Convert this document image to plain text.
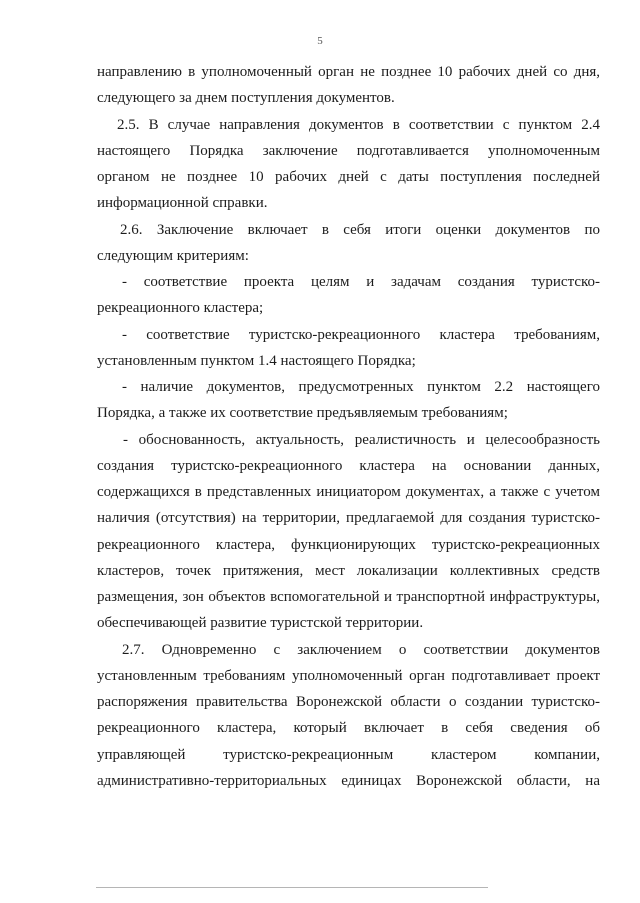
5
направлению в уполномоченный орган не позднее 10 рабочих дней со дня,
следующего за днем поступления документов.
2.5. В случае направления документов в соответствии с пунктом 2.4
настоящего Порядка заключение подготавливается уполномоченным
органом не позднее 10 рабочих дней с даты поступления последней
информационной справки.
2.6. Заключение включает в себя итоги оценки документов по
следующим критериям:
- соответствие проекта целям и задачам создания туристско-
рекреационного кластера;
- соответствие туристско-рекреационного кластера требованиям,
установленным пунктом 1.4 настоящего Порядка;
- наличие документов, предусмотренных пунктом 2.2 настоящего
Порядка, а также их соответствие предъявляемым требованиям;
- обоснованность, актуальность, реалистичность и целесообразность
создания туристско-рекреационного кластера на основании данных,
содержащихся в представленных инициатором документах, а также с учетом
наличия (отсутствия) на территории, предлагаемой для создания туристско-
рекреационного кластера, функционирующих туристско-рекреационных
кластеров, точек притяжения, мест локализации коллективных средств
размещения, зон объектов вспомогательной и транспортной инфраструктуры,
обеспечивающей развитие туристской территории.
2.7. Одновременно с заключением о соответствии документов
установленным требованиям уполномоченный орган подготавливает проект
распоряжения правительства Воронежской области о создании туристско-
рекреационного кластера, который включает в себя сведения об
управляющей туристско-рекреационным кластером компании,
административно-территориальных единицах Воронежской области, на
